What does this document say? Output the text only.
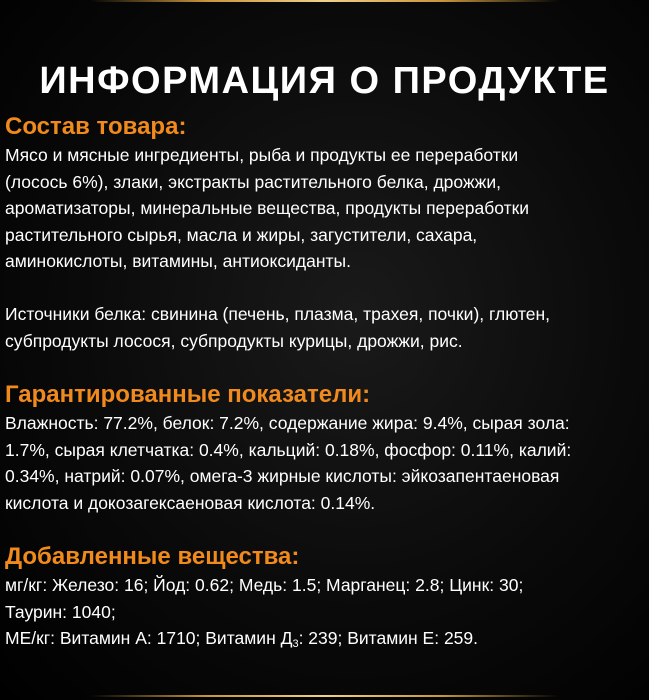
ИНФОРМАЦИЯ О ПРОДУКТЕ
Состав товара:

Мясо и мясные ингредиенты, рыба и продукты ее переработки
(лосось 6%), злаки, экстракты растительного белка, дрожжи,
ароматизаторы, минеральные вещества, продукты переработки
растительного сырья, масла и жиры, загустители, сахара,
аминокислоты, витамины, антиоксиданты.

Источники белка: свинина (печень, плазма, трахея, почки), глютен,
субпродукты лосося, субпродукты курицы, дрожжи, рис.

Гарантированные показатели:

Влажность: 77.2%, белок: 7.2%, содержание жира: 9.4%, сырая зола:
1.7%, сырая клетчатка: 0.4%, кальций: 0.18%, фосфор: 0.11%, калий:
0.34%, натрий: 0.07%, омега-3 жирные кислоты: эйкозапентаеновая
кислота и докозагексаеновая кислота: 0.14%.

Добавленные вещества:

мг/кг: Железо: 16; Йод: 0.62; Медь: 1.5; Марганец: 2.8; Цинк: 30;
Таурин: 1040;
МЕ/кг: Витамин А: 1710; Витамин $Д_3$: 239; Витамин Е: 259.
